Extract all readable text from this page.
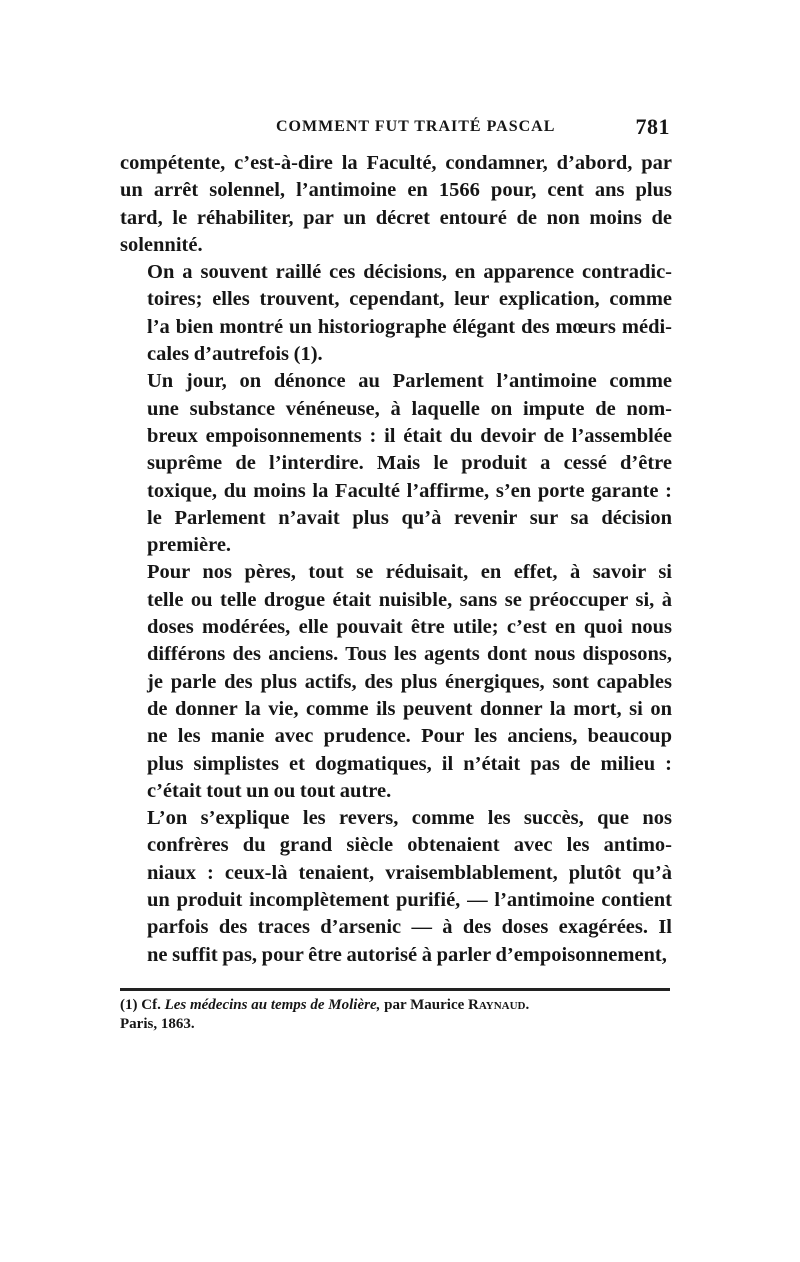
COMMENT FUT TRAITÉ PASCAL	781

compétente, c’est-à-dire la Faculté, condamner, d’abord, par
un arrêt solennel, l’antimoine en 1566 pour, cent ans plus
tard, le réhabiliter, par un décret entouré de non moins de
solennité.

On a souvent raillé ces décisions, en apparence contradic-
toires; elles trouvent, cependant, leur explication, comme
l’a bien montré un historiographe élégant des mœurs médi-
cales d’autrefois (1).

Un jour, on dénonce au Parlement l’antimoine comme
une substance vénéneuse, à laquelle on impute de nom-
breux empoisonnements : il était du devoir de l’assemblée
suprême de l’interdire. Mais le produit a cessé d’être
toxique, du moins la Faculté l’affirme, s’en porte garante :
le Parlement n’avait plus qu’à revenir sur sa décision
première.

Pour nos pères, tout se réduisait, en effet, à savoir si
telle ou telle drogue était nuisible, sans se préoccuper si, à
doses modérées, elle pouvait être utile; c’est en quoi nous
différons des anciens. Tous les agents dont nous disposons,
je parle des plus actifs, des plus énergiques, sont capables
de donner la vie, comme ils peuvent donner la mort, si on
ne les manie avec prudence. Pour les anciens, beaucoup
plus simplistes et dogmatiques, il n’était pas de milieu :
c’était tout un ou tout autre.

L’on s’explique les revers, comme les succès, que nos
confrères du grand siècle obtenaient avec les antimo-
niaux : ceux-là tenaient, vraisemblablement, plutôt qu’à
un produit incomplètement purifié, — l’antimoine contient
parfois des traces d’arsenic — à des doses exagérées. Il
ne suffit pas, pour être autorisé à parler d’empoisonnement,

(1) Cf. Les médecins au temps de Molière, par Maurice Raynaud.
Paris, 1863.
